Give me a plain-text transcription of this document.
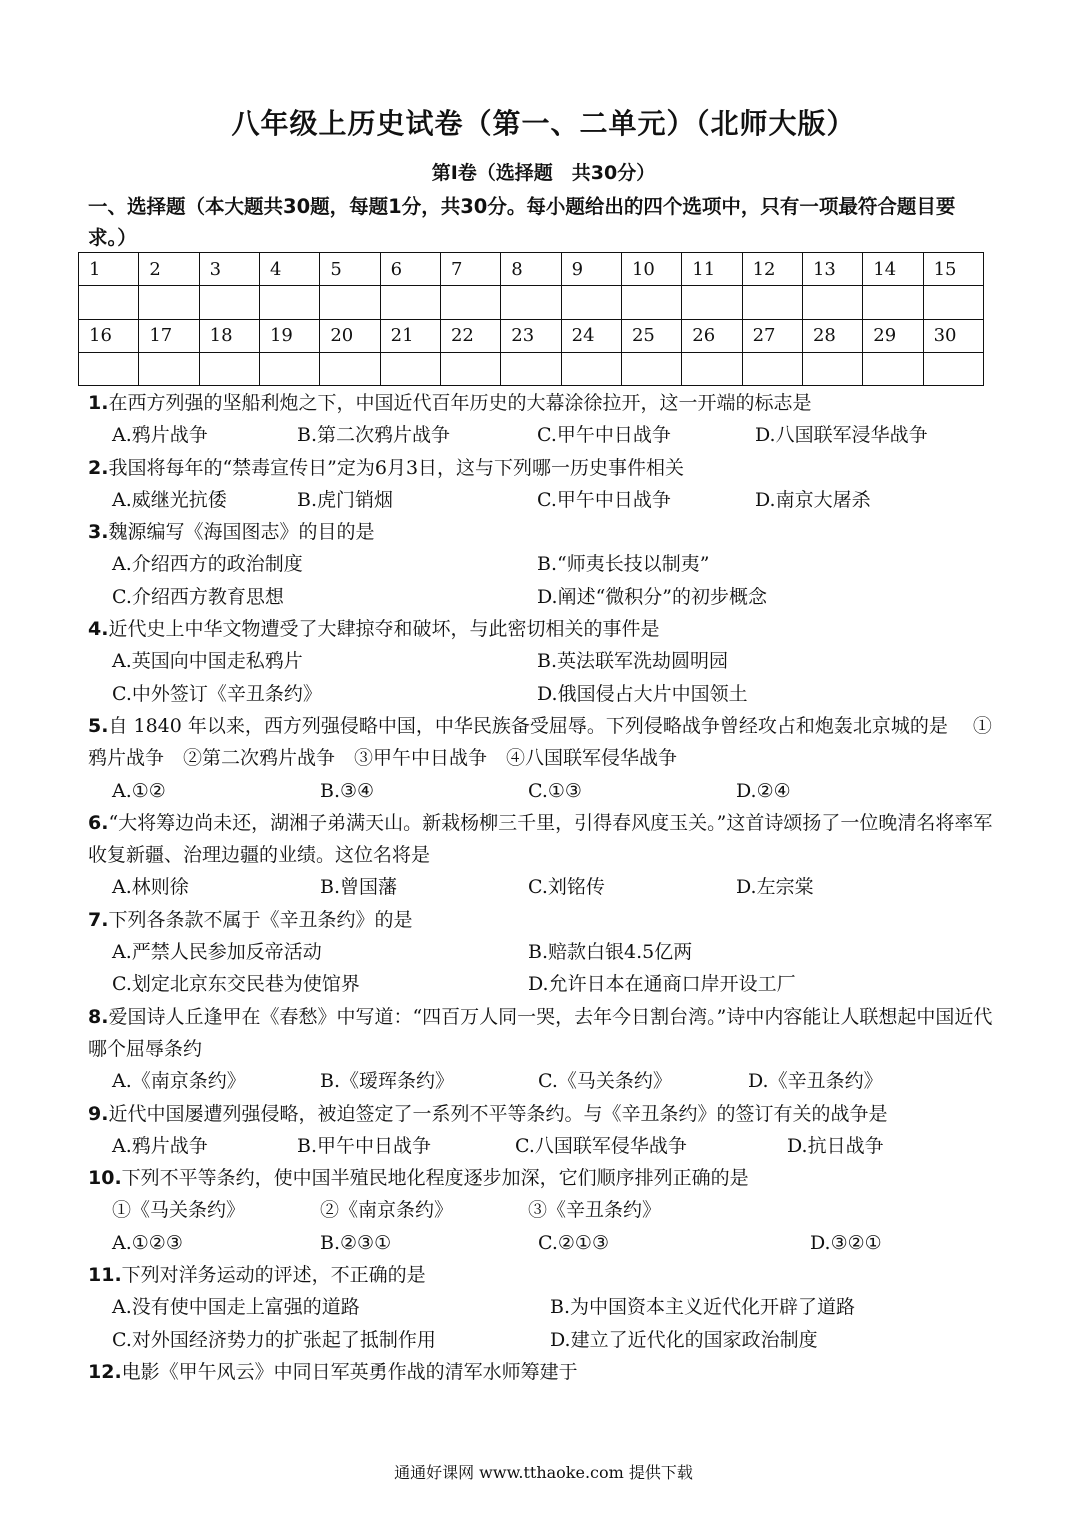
八年级上历史试卷（第一、二单元）（北师大版）
第Ⅰ卷（选择题　共30分）
一、选择题（本大题共30题，每题1分，共30分。每小题给出的四个选项中，只有一项最符合题目要求。）
1	2	3	4	5	6	7	8	9	10	11	12	13	14	15

16	17	18	19	20	21	22	23	24	25	26	27	28	29	30

1.在西方列强的坚船利炮之下，中国近代百年历史的大幕涂徐拉开，这一开端的标志是

A.鸦片战争	B.第二次鸦片战争	C.甲午中日战争	D.八国联军浸华战争

2.我国将每年的“禁毒宣传日”定为6月3日，这与下列哪一历史事件相关

A.威继光抗倭	B.虎门销烟	C.甲午中日战争	D.南京大屠杀

3.魏源编写《海国图志》的目的是

A.介绍西方的政治制度	B.“师夷长技以制夷”
C.介绍西方教育思想	D.阐述“微积分”的初步概念

4.近代史上中华文物遭受了大肆掠夺和破坏，与此密切相关的事件是

A.英国向中国走私鸦片	B.英法联军洗劫圆明园
C.中外签订《辛丑条约》	D.俄国侵占大片中国领土

5.自 1840 年以来，西方列强侵略中国，中华民族备受屈辱。下列侵略战争曾经攻占和炮轰北京城的是　 ①鸦片战争　②第二次鸦片战争　③甲午中日战争　④八国联军侵华战争

A.①②	B.③④	C.①③	D.②④

6.“大将筹边尚未还，湖湘子弟满天山。新栽杨柳三千里，引得春风度玉关。”这首诗颂扬了一位晚清名将率军收复新疆、治理边疆的业绩。这位名将是

A.林则徐	B.曾国藩	C.刘铭传	D.左宗棠

7.下列各条款不属于《辛丑条约》的是

A.严禁人民参加反帝活动	B.赔款白银4.5亿两
C.划定北京东交民巷为使馆界	D.允许日本在通商口岸开设工厂

8.爱国诗人丘逢甲在《春愁》中写道：“四百万人同一哭，去年今日割台湾。”诗中内容能让人联想起中国近代哪个屈辱条约

A.《南京条约》	B.《瑷珲条约》	C.《马关条约》	D.《辛丑条约》

9.近代中国屡遭列强侵略，被迫签定了一系列不平等条约。与《辛丑条约》的签订有关的战争是

A.鸦片战争	B.甲午中日战争	C.八国联军侵华战争	D.抗日战争

10.下列不平等条约，使中国半殖民地化程度逐步加深，它们顺序排列正确的是

①《马关条约》	②《南京条约》	③《辛丑条约》
A.①②③	B.②③①	C.②①③	D.③②①

11.下列对洋务运动的评述，不正确的是

A.没有使中国走上富强的道路	B.为中国资本主义近代化开辟了道路
C.对外国经济势力的扩张起了抵制作用	D.建立了近代化的国家政治制度

12.电影《甲午风云》中同日军英勇作战的清军水师筹建于

通通好课网 www.tthaoke.com 提供下载
